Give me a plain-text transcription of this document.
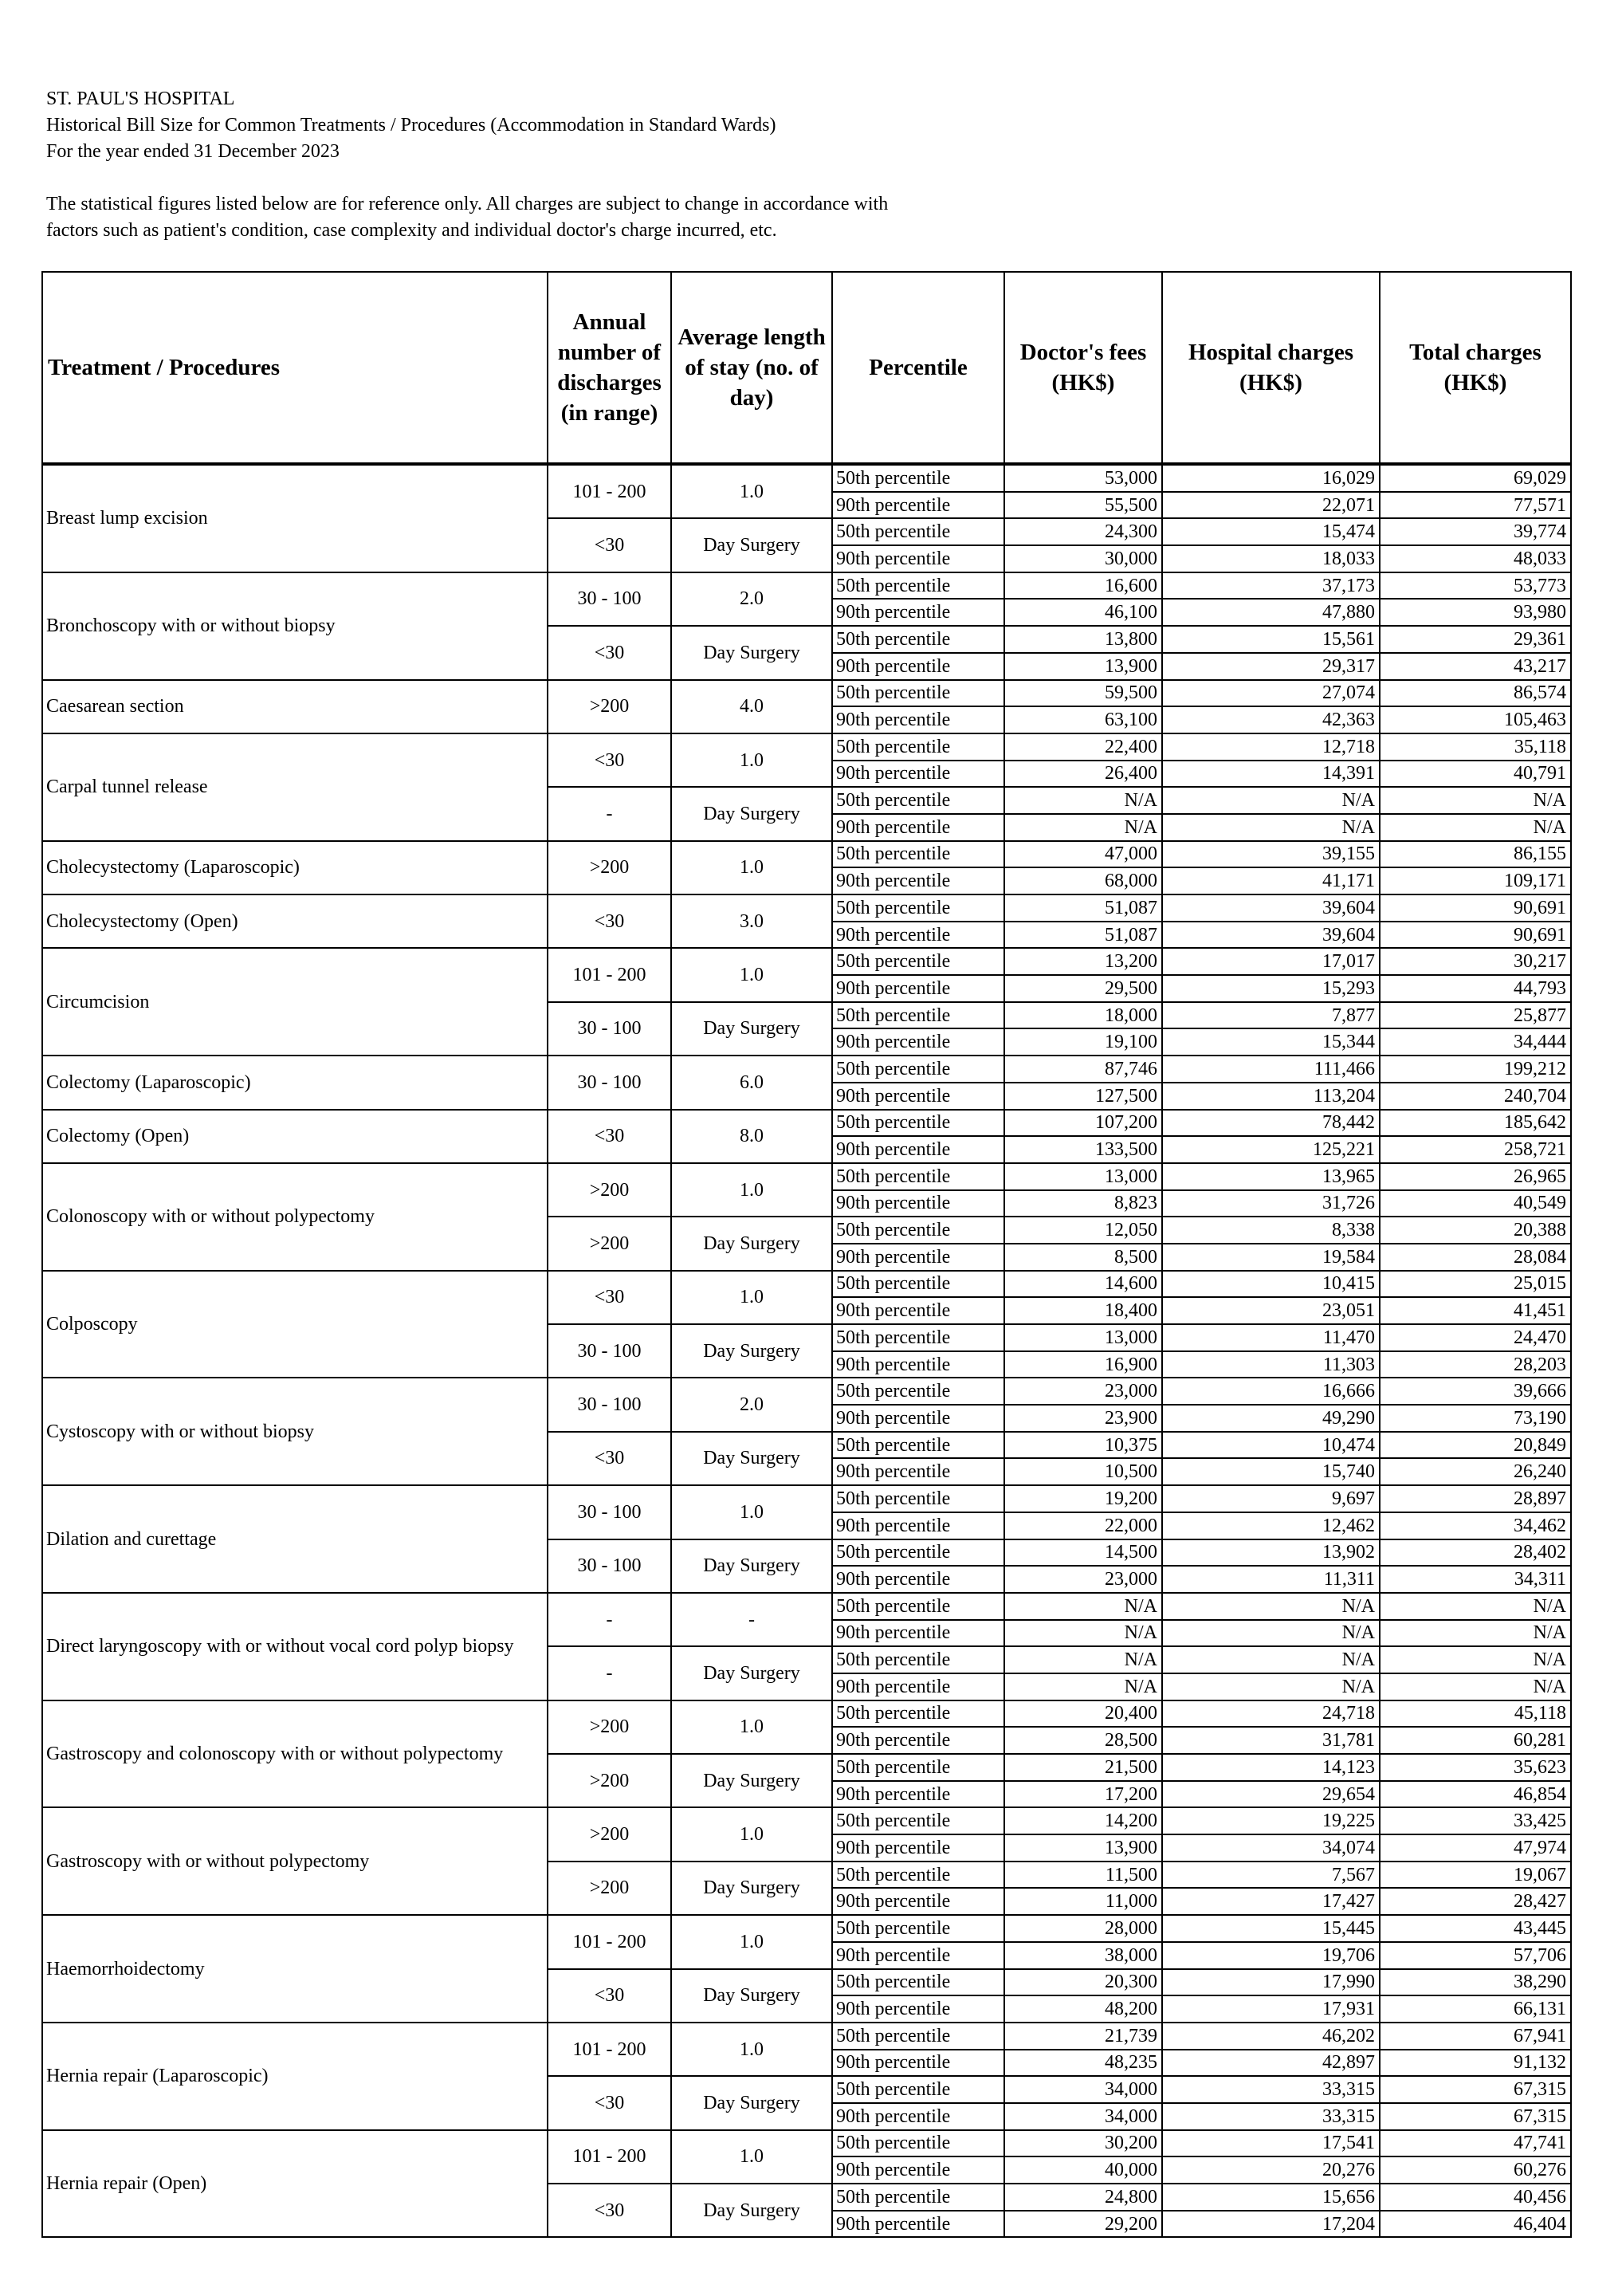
ST. PAUL'S HOSPITAL
Historical Bill Size for Common Treatments / Procedures (Accommodation in Standard Wards)
For the year ended 31 December 2023
The statistical figures listed below are for reference only. All charges are subject to change in accordance with
factors such as patient's condition, case complexity and individual doctor's charge incurred, etc.
Treatment / Procedures	Annual number of discharges (in range)	Average length of stay (no. of day)	Percentile	Doctor's fees (HK$)	Hospital charges (HK$)	Total charges (HK$)

Breast lump excision	101 - 200	1.0	50th percentile	53,000	16,029	69,029
			90th percentile	55,500	22,071	77,571
	<30	Day Surgery	50th percentile	24,300	15,474	39,774
			90th percentile	30,000	18,033	48,033
Bronchoscopy with or without biopsy	30 - 100	2.0	50th percentile	16,600	37,173	53,773
			90th percentile	46,100	47,880	93,980
	<30	Day Surgery	50th percentile	13,800	15,561	29,361
			90th percentile	13,900	29,317	43,217
Caesarean section	>200	4.0	50th percentile	59,500	27,074	86,574
			90th percentile	63,100	42,363	105,463
Carpal tunnel release	<30	1.0	50th percentile	22,400	12,718	35,118
			90th percentile	26,400	14,391	40,791
	-	Day Surgery	50th percentile	N/A	N/A	N/A
			90th percentile	N/A	N/A	N/A
Cholecystectomy (Laparoscopic)	>200	1.0	50th percentile	47,000	39,155	86,155
			90th percentile	68,000	41,171	109,171
Cholecystectomy (Open)	<30	3.0	50th percentile	51,087	39,604	90,691
			90th percentile	51,087	39,604	90,691
Circumcision	101 - 200	1.0	50th percentile	13,200	17,017	30,217
			90th percentile	29,500	15,293	44,793
	30 - 100	Day Surgery	50th percentile	18,000	7,877	25,877
			90th percentile	19,100	15,344	34,444
Colectomy (Laparoscopic)	30 - 100	6.0	50th percentile	87,746	111,466	199,212
			90th percentile	127,500	113,204	240,704
Colectomy (Open)	<30	8.0	50th percentile	107,200	78,442	185,642
			90th percentile	133,500	125,221	258,721
Colonoscopy with or without polypectomy	>200	1.0	50th percentile	13,000	13,965	26,965
			90th percentile	8,823	31,726	40,549
	>200	Day Surgery	50th percentile	12,050	8,338	20,388
			90th percentile	8,500	19,584	28,084
Colposcopy	<30	1.0	50th percentile	14,600	10,415	25,015
			90th percentile	18,400	23,051	41,451
	30 - 100	Day Surgery	50th percentile	13,000	11,470	24,470
			90th percentile	16,900	11,303	28,203
Cystoscopy with or without biopsy	30 - 100	2.0	50th percentile	23,000	16,666	39,666
			90th percentile	23,900	49,290	73,190
	<30	Day Surgery	50th percentile	10,375	10,474	20,849
			90th percentile	10,500	15,740	26,240
Dilation and curettage	30 - 100	1.0	50th percentile	19,200	9,697	28,897
			90th percentile	22,000	12,462	34,462
	30 - 100	Day Surgery	50th percentile	14,500	13,902	28,402
			90th percentile	23,000	11,311	34,311
Direct laryngoscopy with or without vocal cord polyp biopsy	-	-	50th percentile	N/A	N/A	N/A
			90th percentile	N/A	N/A	N/A
	-	Day Surgery	50th percentile	N/A	N/A	N/A
			90th percentile	N/A	N/A	N/A
Gastroscopy and colonoscopy with or without polypectomy	>200	1.0	50th percentile	20,400	24,718	45,118
			90th percentile	28,500	31,781	60,281
	>200	Day Surgery	50th percentile	21,500	14,123	35,623
			90th percentile	17,200	29,654	46,854
Gastroscopy with or without polypectomy	>200	1.0	50th percentile	14,200	19,225	33,425
			90th percentile	13,900	34,074	47,974
	>200	Day Surgery	50th percentile	11,500	7,567	19,067
			90th percentile	11,000	17,427	28,427
Haemorrhoidectomy	101 - 200	1.0	50th percentile	28,000	15,445	43,445
			90th percentile	38,000	19,706	57,706
	<30	Day Surgery	50th percentile	20,300	17,990	38,290
			90th percentile	48,200	17,931	66,131
Hernia repair (Laparoscopic)	101 - 200	1.0	50th percentile	21,739	46,202	67,941
			90th percentile	48,235	42,897	91,132
	<30	Day Surgery	50th percentile	34,000	33,315	67,315
			90th percentile	34,000	33,315	67,315
Hernia repair (Open)	101 - 200	1.0	50th percentile	30,200	17,541	47,741
			90th percentile	40,000	20,276	60,276
	<30	Day Surgery	50th percentile	24,800	15,656	40,456
			90th percentile	29,200	17,204	46,404
